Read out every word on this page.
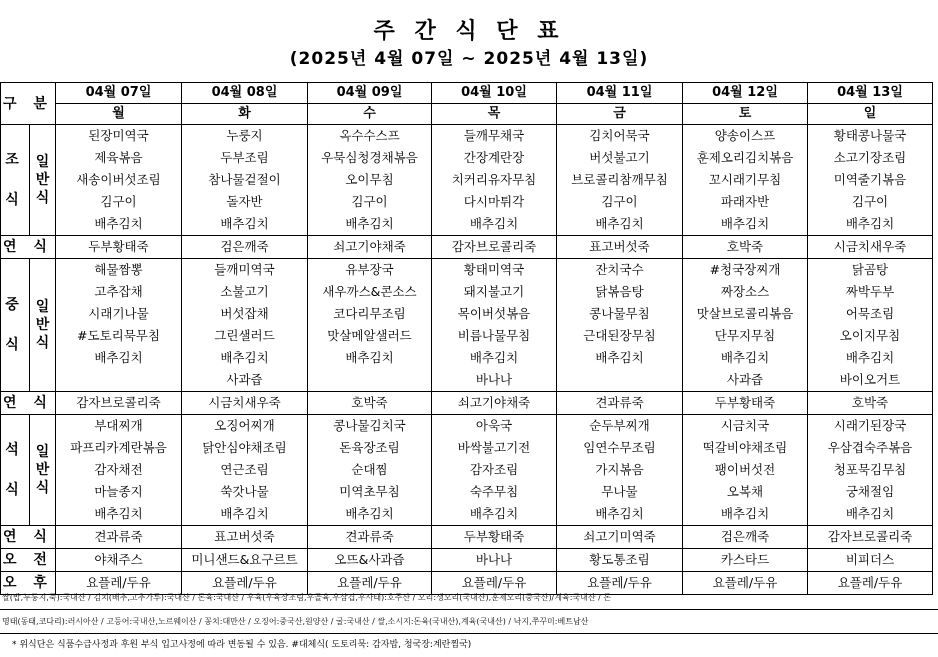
주 간 식 단 표
(2025년 4월 07일 ~ 2025년 4월 13일)
구 분		04월 07일	04월 08일	04월 09일	04월 10일	04월 11일	04월 12일	04월 13일
		월	화	수	목	금	토	일
조
식	일
반
식	된장미역국	누룽지	옥수수스프	들깨무채국	김치어묵국	양송이스프	황태콩나물국
		제육볶음	두부조림	우묵심청경채볶음	간장계란장	버섯불고기	훈제오리김치볶음	소고기장조림
		새송이버섯조림	참나물겉절이	오이무침	치커리유자무침	브로콜리참깨무침	꼬시래기무침	미역줄기볶음
		김구이	돌자반	김구이	다시마튀각	김구이	파래자반	김구이
		배추김치	배추김치	배추김치	배추김치	배추김치	배추김치	배추김치
연 식		두부황태죽	검은깨죽	쇠고기야채죽	감자브로콜리죽	표고버섯죽	호박죽	시금치새우죽
중
식	일
반
식	해물짬뽕	들깨미역국	유부장국	황태미역국	잔치국수	#청국장찌개	닭곰탕
		고추잡채	소불고기	새우까스&콘소스	돼지불고기	닭볶음탕	짜장소스	짜박두부
		시래기나물	버섯잡채	코다리무조림	목이버섯볶음	콩나물무침	맛살브로콜리볶음	어묵조림
		#도토리묵무침	그린샐러드	맛살메알샐러드	비름나물무침	근대된장무침	단무지무침	오이지무침
		배추김치	배추김치	배추김치	배추김치	배추김치	배추김치	배추김치
			사과즙		바나나		사과즙	바이오거트
연 식		감자브로콜리죽	시금치새우죽	호박죽	쇠고기야채죽	견과류죽	두부황태죽	호박죽
석
식	일
반
식	부대찌개	오징어찌개	콩나물김치국	아욱국	순두부찌개	시금치국	시래기된장국
		파프리카계란볶음	닭안심야채조림	돈육장조림	바싹불고기전	임연수무조림	떡갈비야채조림	우삼겹숙주볶음
		감자채전	연근조림	순대찜	감자조림	가지볶음	팽이버섯전	청포묵김무침
		마늘종지	쑥갓나물	미역초무침	숙주무침	무나물	오복채	궁채절임
		배추김치	배추김치	배추김치	배추김치	배추김치	배추김치	배추김치
연 식		견과류죽	표고버섯죽	견과류죽	두부황태죽	쇠고기미역죽	검은깨죽	감자브로콜리죽
오 전		야채주스	미니샌드&요구르트	오뜨&사과즙	바나나	황도통조림	카스타드	비피더스
오 후		요플레/두유	요플레/두유	요플레/두유	요플레/두유	요플레/두유	요플레/두유	요플레/두유
쌀(밥,누룽지,죽):국내산 / 김치(배추,고추가루):국내산 / 돈육:국내산 / 우육(우육장조림,우골육,우삼겹,우사태):호주산 / 오리:생오리(국내산),훈제오리(중국산)/계육:국내산 / 돈
명태(동태,코다리):러시아산 / 고등어:국내산,노르웨이산 / 꽁치:대만산 / 오징어:중국산,원양산 / 굴:국내산 / 쌀,소시지:돈육(국내산),계육(국내산) / 낙지,쭈꾸미:베트남산
* 위식단은 식품수급사정과 후원 부식 입고사정에 따라 변동될 수 있음. #대체식( 도토리묵: 감자밥, 청국장:계란찜국)
